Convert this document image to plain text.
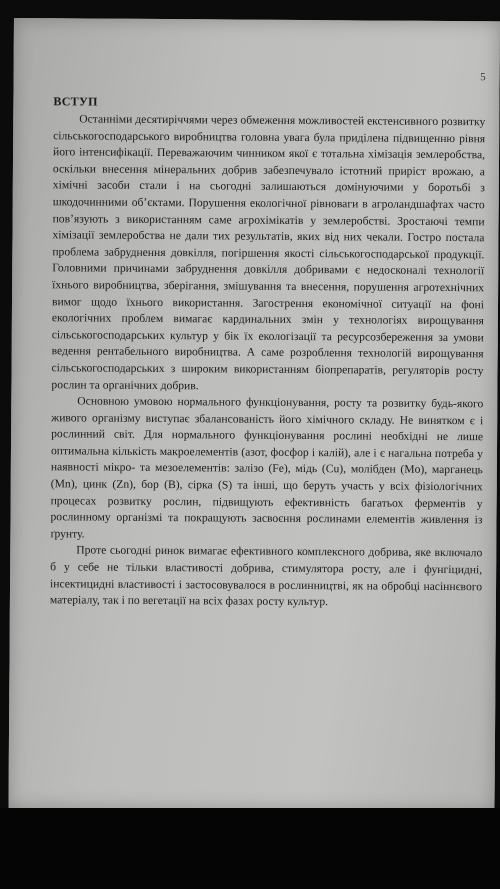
5
ВСТУП

Останніми десятиріччями через обмеження можливостей екстенсивного розвитку сільськогосподарського виробництва головна увага була приділена підвищенню рівня його інтенсифікації. Переважаючим чинником якої є тотальна хімізація землеробства, оскільки внесення мінеральних добрив забезпечувало істотний приріст врожаю, а хімічні засоби стали і на сьогодні залишаються домінуючими у боротьбі з шкодочинними об’єктами. Порушення екологічної рівноваги в агроландшафтах часто пов’язують з використанням саме агрохімікатів у землеробстві. Зростаючі темпи хімізації землеробства не дали тих результатів, яких від них чекали. Гостро постала проблема забруднення довкілля, погіршення якості сільськогосподарської продукції. Головними причинами забруднення довкілля добривами є недосконалі технології їхнього виробництва, зберігання, змішування та внесення, порушення агротехнічних вимог щодо їхнього використання. Загострення економічної ситуації на фоні екологічних проблем вимагає кардинальних змін у технологіях вирощування сільськогосподарських культур у бік їх екологізації та ресурсозбереження за умови ведення рентабельного виробництва. А саме розроблення технологій вирощування сільськогосподарських з широким використанням біопрепаратів, регуляторів росту рослин та органічних добрив.

Основною умовою нормального функціонування, росту та розвитку будь-якого живого організму виступає збалансованість його хімічного складу. Не винятком є і рослинний світ. Для нормального функціонування рослині необхідні не лише оптимальна кількість макроелементів (азот, фосфор і калій), але і є нагальна потреба у наявності мікро- та мезоелементів: залізо (Fe), мідь (Cu), молібден (Mo), марганець (Mn), цинк (Zn), бор (В), сірка (S) та інші, що беруть участь у всіх фізіологічних процесах розвитку рослин, підвищують ефективність багатьох ферментів у рослинному організмі та покращують засвоєння рослинами елементів живлення із ґрунту.

Проте сьогодні ринок вимагає ефективного комплексного добрива, яке включало б у себе не тільки властивості добрива, стимулятора росту, але і фунгіцидні, інсектицидні властивості і застосовувалося в рослинництві, як на обробці насіннєвого матеріалу, так і по вегетації на всіх фазах росту культур.
